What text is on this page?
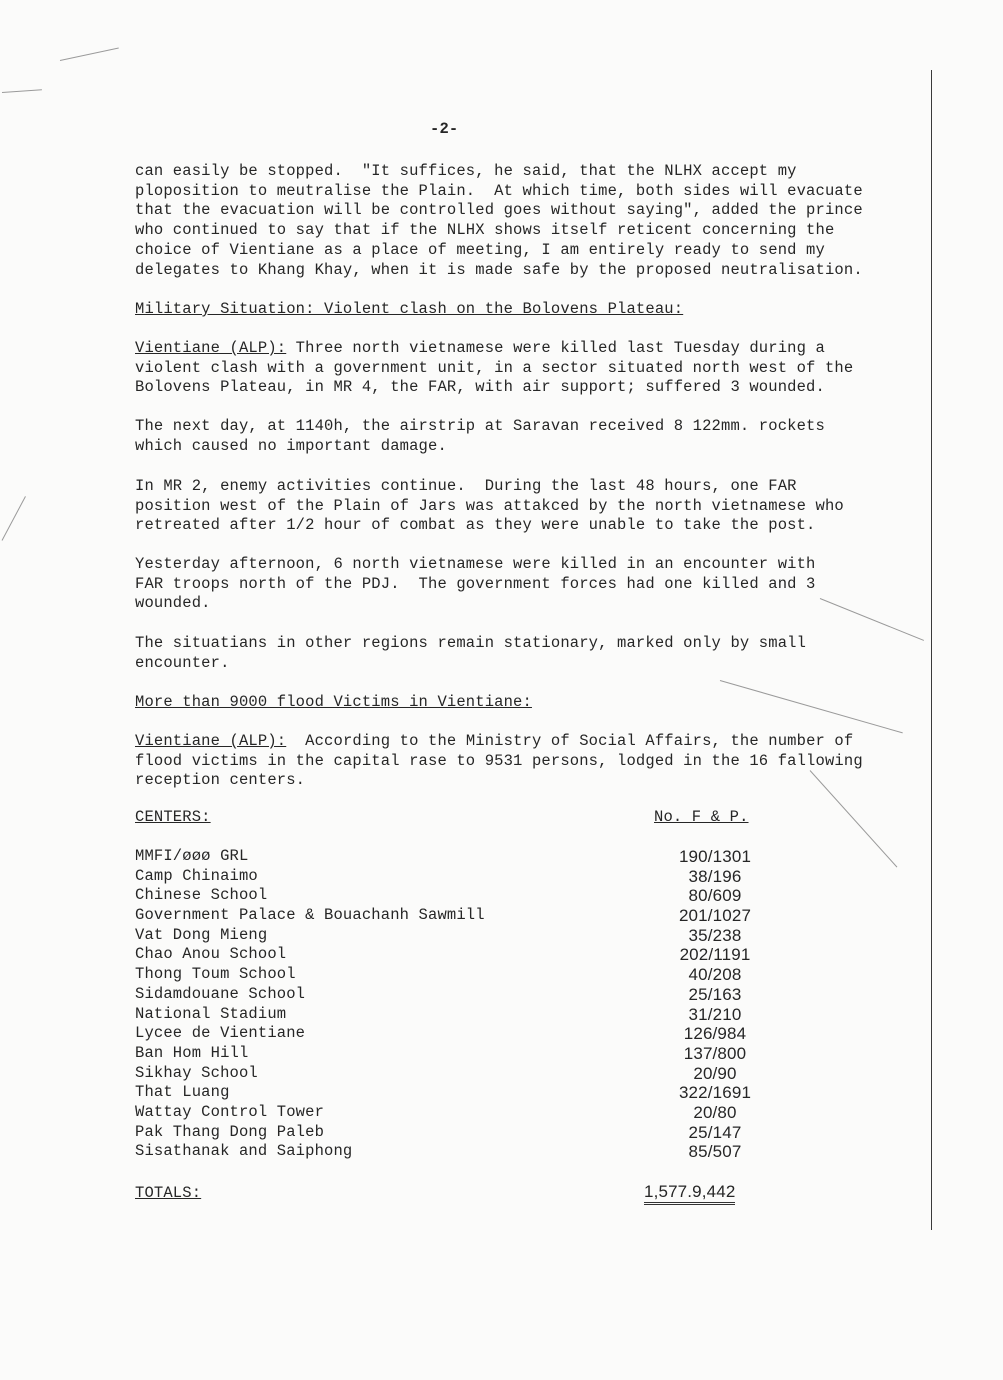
-2-
can easily be stopped.  "It suffices, he said, that the NLHX accept my
ploposition to meutralise the Plain.  At which time, both sides will evacuate
that the evacuation will be controlled goes without saying", added the prince
who continued to say that if the NLHX shows itself reticent concerning the
choice of Vientiane as a place of meeting, I am entirely ready to send my
delegates to Khang Khay, when it is made safe by the proposed neutralisation.
Military Situation: Violent clash on the Bolovens Plateau:
Vientiane (ALP): Three north vietnamese were killed last Tuesday during a
violent clash with a government unit, in a sector situated north west of the
Bolovens Plateau, in MR 4, the FAR, with air support; suffered 3 wounded.
The next day, at 1140h, the airstrip at Saravan received 8 122mm. rockets
which caused no important damage.
In MR 2, enemy activities continue.  During the last 48 hours, one FAR
position west of the Plain of Jars was attakced by the north vietnamese who
retreated after 1/2 hour of combat as they were unable to take the post.
Yesterday afternoon, 6 north vietnamese were killed in an encounter with
FAR troops north of the PDJ.  The government forces had one killed and 3
wounded.
The situatians in other regions remain stationary, marked only by small
encounter.
More than 9000 flood Victims in Vientiane:
Vientiane (ALP):  According to the Ministry of Social Affairs, the number of
flood victims in the capital rase to 9531 persons, lodged in the 16 fallowing
reception centers.
CENTERS:	No. F & P.
MMFI/øøø GRL	190/1301
Camp Chinaimo	38/196
Chinese School	80/609
Government Palace & Bouachanh Sawmill	201/1027
Vat Dong Mieng	35/238
Chao Anou School	202/1191
Thong Toum School	40/208
Sidamdouane School	25/163
National Stadium	31/210
Lycee de Vientiane	126/984
Ban Hom Hill	137/800
Sikhay School	20/90
That Luang	322/1691
Wattay Control Tower	20/80
Pak Thang Dong Paleb	25/147
Sisathanak and Saiphong	85/507
TOTALS:	1,577.9,442
